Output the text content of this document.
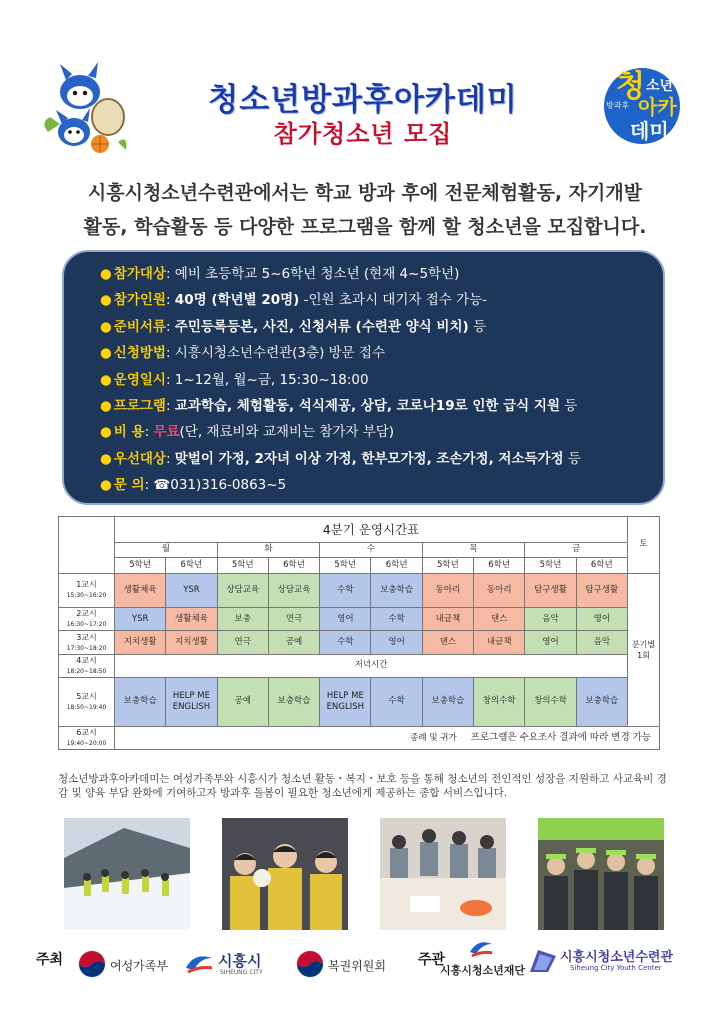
청소년방과후아카데미
참가청소년 모집
청
방과후
소년
아카
데미
시흥시청소년수련관에서는 학교 방과 후에 전문체험활동, 자기개발
활동, 학습활동 등 다양한 프로그램을 함께 할 청소년을 모집합니다.
● 참가대상: 예비 초등학교 5~6학년 청소년 (현재 4~5학년)
● 참가인원: 40명 (학년별 20명) -인원 초과시 대기자 접수 가능-
● 준비서류: 주민등록등본, 사진, 신청서류 (수련관 양식 비치) 등
● 신청방법: 시흥시청소년수련관(3층) 방문 접수
● 운영일시: 1~12월, 월~금, 15:30~18:00
● 프로그램: 교과학습, 체험활동, 석식제공, 상담, 코로나19로 인한 급식 지원 등
● 비 용: 무료(단, 재료비와 교재비는 참가자 부담)
● 우선대상: 맞벌이 가정, 2자녀 이상 가정, 한부모가정, 조손가정, 저소득가정 등
● 문 의: ☎031)316-0863~5
	4분기 운영시간표										토
	월		화		수		목		금		
	5학년	6학년	5학년	6학년	5학년	6학년	5학년	6학년	5학년	6학년	

1교시
15:30~16:20	생활체육	YSR	상담교육	상담교육	수학	보충학습	동아리	동아리	탐구생활	탐구생활	분기별
1회

2교시
16:30~17:20	YSR	생활체육	보충	연극	영어	수학	내글책	댄스	음악	영어	

3교시
17:30~18:20	지치생활	지치생활	연극	공예	수학	영어	댄스	내글책	영어	음악	

4교시
18:20~18:50	저녁시간										

5교시
18:50~19:40	보충학습	HELP ME ENGLISH	공예	보충학습	HELP ME ENGLISH	수학	보충학습	창의수학	창의수학	보충학습	

6교시
19:40~20:00	종례 및 귀가 프로그램은 수요조사 결과에 따라 변경 가능										
청소년방과후아카데미는 여성가족부와 시흥시가 청소년 활동・복지・보호 등을 통해 청소년의 전인적인 성장을 지원하고 사교육비 경감 및 양육 부담 완화에 기여하고자 방과후 돌봄이 필요한 청소년에게 제공하는 종합 서비스입니다.
주최	여성가족부	시흥시
SIHEUNG CITY	복권위원회 주관
시흥시청소년재단
시흥시청소년수련관
Siheung City Youth Center
